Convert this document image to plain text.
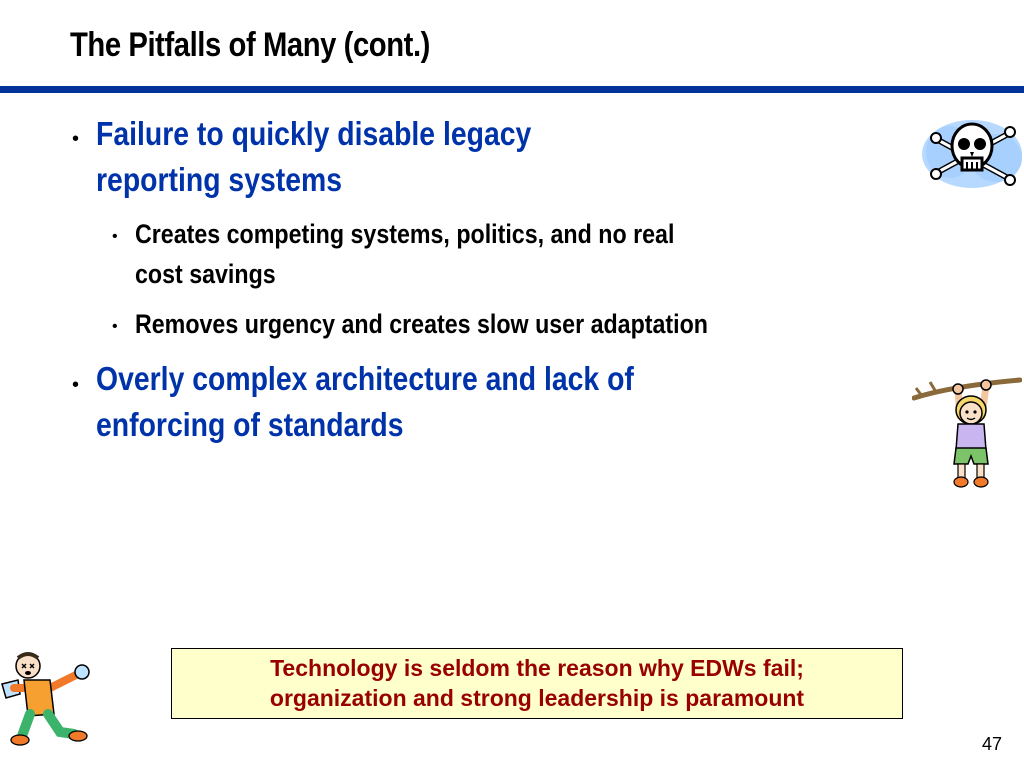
The Pitfalls of Many (cont.)
• Failure to quickly disable legacy
reporting systems
• Creates competing systems, politics, and no real
cost savings
• Removes urgency and creates slow user adaptation
• Overly complex architecture and lack of
enforcing of standards
Technology is seldom the reason why EDWs fail;
organization and strong leadership is paramount
47
